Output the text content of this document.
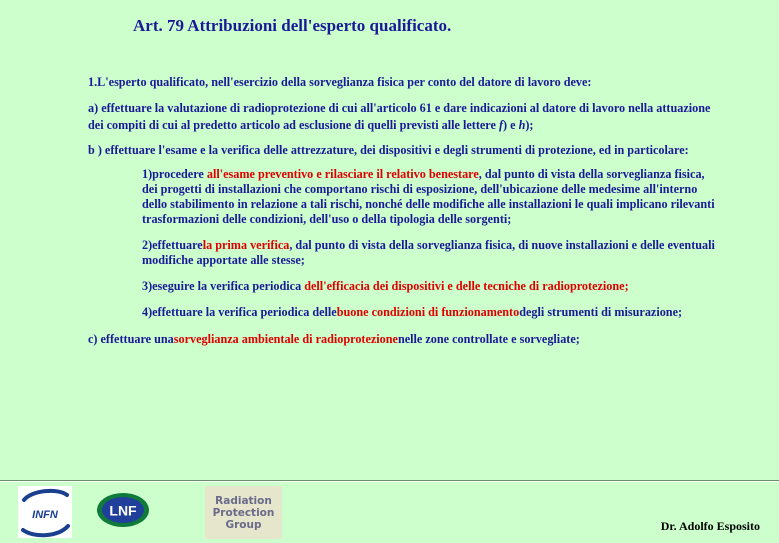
Art. 79 Attribuzioni dell'esperto qualificato.

1.L'esperto qualificato, nell'esercizio della sorveglianza fisica per conto del datore di lavoro deve:

a) effettuare la valutazione di radioprotezione di cui all'articolo 61 e dare indicazioni al datore di lavoro nella attuazione dei compiti di cui al predetto articolo ad esclusione di quelli previsti alle lettere f) e h);

b ) effettuare l'esame e la verifica delle attrezzature, dei dispositivi e degli strumenti di protezione, ed in particolare:

1)procedere all'esame preventivo e rilasciare il relativo benestare, dal punto di vista della sorveglianza fisica, dei progetti di installazioni che comportano rischi di esposizione, dell'ubicazione delle medesime all'interno dello stabilimento in relazione a tali rischi, nonché delle modifiche alle installazioni le quali implicano rilevanti trasformazioni delle condizioni, dell'uso o della tipologia delle sorgenti;

2)effettuarela prima verifica, dal punto di vista della sorveglianza fisica, di nuove installazioni e delle eventuali modifiche apportate alle stesse;

3)eseguire la verifica periodica dell'efficacia dei dispositivi e delle tecniche di radioprotezione;

4)effettuare la verifica periodica dellebuone condizioni di funzionamentodegli strumenti di misurazione;

c) effettuare unasorveglianza ambientale di radioprotezionenelle zone controllate e sorvegliate;

INFN	LNF
Radiation
Protection
Group	Dr. Adolfo Esposito
